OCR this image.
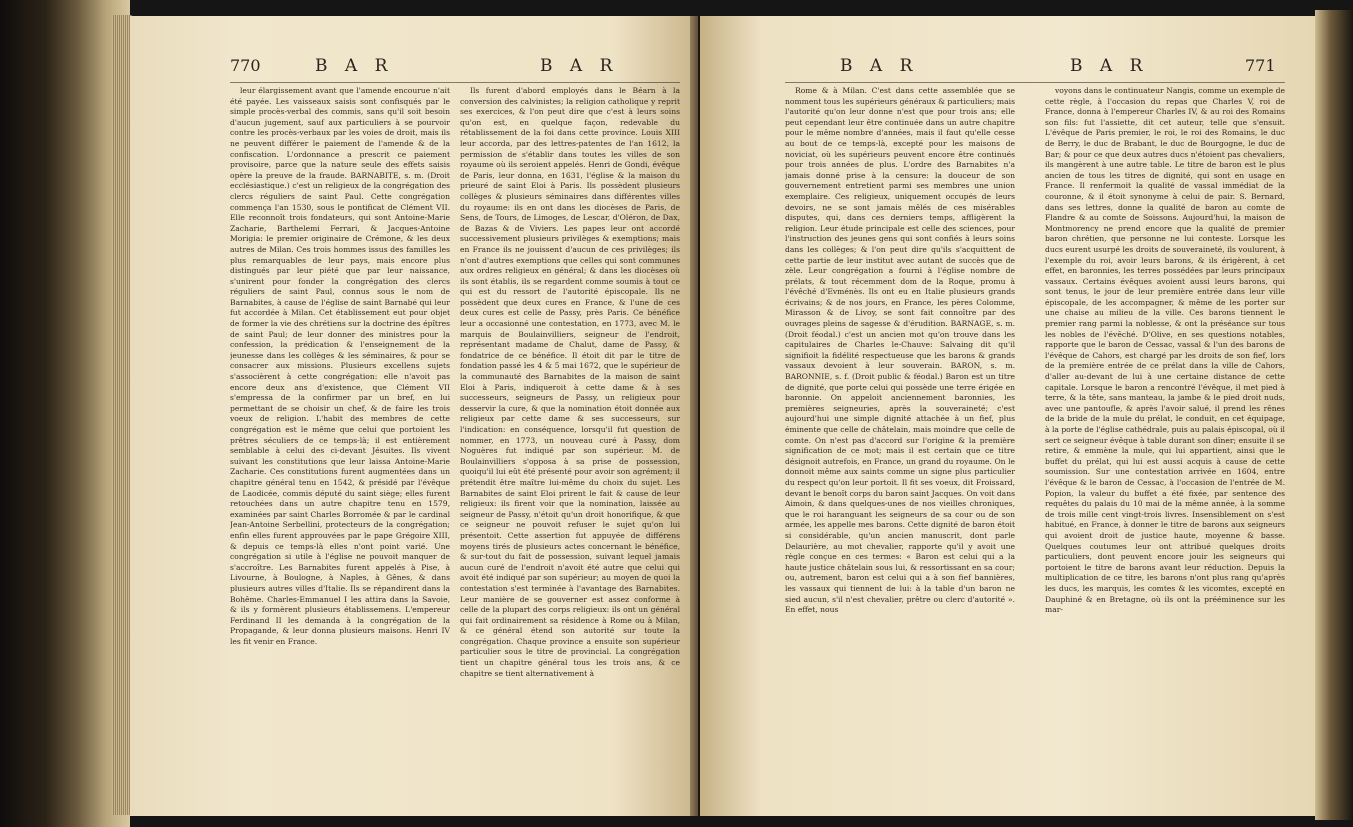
770	B A R	B A R

leur élargissement avant que l'amende encourue n'ait été payée. Les vaisseaux saisis sont confisqués par le simple procès-verbal des commis, sans qu'il soit besoin d'aucun jugement, sauf aux particuliers à se pourvoir contre les procès-verbaux par les voies de droit, mais ils ne peuvent différer le paiement de l'amende & de la confiscation. L'ordonnance a prescrit ce paiement provisoire, parce que la nature seule des effets saisis opère la preuve de la fraude. BARNABITE, s. m. (Droit ecclésiastique.) c'est un religieux de la congrégation des clercs réguliers de saint Paul. Cette congrégation commença l'an 1530, sous le pontificat de Clément VII. Elle reconnoît trois fondateurs, qui sont Antoine-Marie Zacharie, Barthelemi Ferrari, & Jacques-Antoine Morigia: le premier originaire de Crémone, & les deux autres de Milan. Ces trois hommes issus des familles les plus remarquables de leur pays, mais encore plus distingués par leur piété que par leur naissance, s'unirent pour fonder la congrégation des clercs réguliers de saint Paul, connus sous le nom de Barnabites, à cause de l'église de saint Barnabé qui leur fut accordée à Milan. Cet établissement eut pour objet de former la vie des chrétiens sur la doctrine des épîtres de saint Paul; de leur donner des ministres pour la confession, la prédication & l'enseignement de la jeunesse dans les collèges & les séminaires, & pour se consacrer aux missions. Plusieurs excellens sujets s'associèrent à cette congrégation: elle n'avoit pas encore deux ans d'existence, que Clément VII s'empressa de la confirmer par un bref, en lui permettant de se choisir un chef, & de faire les trois voeux de religion. L'habit des membres de cette congrégation est le même que celui que portoient les prêtres séculiers de ce temps-là; il est entièrement semblable à celui des ci-devant Jésuites. Ils vivent suivant les constitutions que leur laissa Antoine-Marie Zacharie. Ces constitutions furent augmentées dans un chapitre général tenu en 1542, & présidé par l'évêque de Laodicée, commis député du saint siège; elles furent retouchées dans un autre chapitre tenu en 1579, examinées par saint Charles Borromée & par le cardinal Jean-Antoine Serbellini, protecteurs de la congrégation; enfin elles furent approuvées par le pape Grégoire XIII, & depuis ce temps-là elles n'ont point varié. Une congrégation si utile à l'église ne pouvoit manquer de s'accroître. Les Barnabites furent appelés à Pise, à Livourne, à Boulogne, à Naples, à Gênes, & dans plusieurs autres villes d'Italie. Ils se répandirent dans la Bohême. Charles-Emmanuel I les attira dans la Savoie, & ils y formèrent plusieurs établissemens. L'empereur Ferdinand II les demanda à la congrégation de la Propagande, & leur donna plusieurs maisons. Henri IV les fit venir en France.

Ils furent d'abord employés dans le Béarn à la conversion des calvinistes; la religion catholique y reprit ses exercices, & l'on peut dire que c'est à leurs soins qu'on est, en quelque façon, redevable du rétablissement de la foi dans cette province. Louis XIII leur accorda, par des lettres-patentes de l'an 1612, la permission de s'établir dans toutes les villes de son royaume où ils seroient appelés. Henri de Gondi, évêque de Paris, leur donna, en 1631, l'église & la maison du prieuré de saint Eloi à Paris. Ils possèdent plusieurs collèges & plusieurs séminaires dans différentes villes du royaume: ils en ont dans les diocèses de Paris, de Sens, de Tours, de Limoges, de Lescar, d'Oléron, de Dax, de Bazas & de Viviers. Les papes leur ont accordé successivement plusieurs privilèges & exemptions; mais en France ils ne jouissent d'aucun de ces privilèges; ils n'ont d'autres exemptions que celles qui sont communes aux ordres religieux en général; & dans les diocèses où ils sont établis, ils se regardent comme soumis à tout ce qui est du ressort de l'autorité épiscopale. Ils ne possèdent que deux cures en France, & l'une de ces deux cures est celle de Passy, près Paris. Ce bénéfice leur a occasionné une contestation, en 1773, avec M. le marquis de Boulainvilliers, seigneur de l'endroit, représentant madame de Chalut, dame de Passy, & fondatrice de ce bénéfice. Il étoit dit par le titre de fondation passé les 4 & 5 mai 1672, que le supérieur de la communauté des Barnabites de la maison de saint Eloi à Paris, indiqueroit à cette dame & à ses successeurs, seigneurs de Passy, un religieux pour desservir la cure, & que la nomination étoit donnée aux religieux par cette dame & ses successeurs, sur l'indication: en conséquence, lorsqu'il fut question de nommer, en 1773, un nouveau curé à Passy, dom Noguères fut indiqué par son supérieur. M. de Boulainvilliers s'opposa à sa prise de possession, quoiqu'il lui eût été présenté pour avoir son agrément; il prétendit être maître lui-même du choix du sujet. Les Barnabites de saint Eloi prirent le fait & cause de leur religieux: ils firent voir que la nomination, laissée au seigneur de Passy, n'étoit qu'un droit honorifique, & que ce seigneur ne pouvoit refuser le sujet qu'on lui présentoit. Cette assertion fut appuyée de différens moyens tirés de plusieurs actes concernant le bénéfice, & sur-tout du fait de possession, suivant lequel jamais aucun curé de l'endroit n'avoit été autre que celui qui avoit été indiqué par son supérieur; au moyen de quoi la contestation s'est terminée à l'avantage des Barnabites. Leur manière de se gouverner est assez conforme à celle de la plupart des corps religieux: ils ont un général qui fait ordinairement sa résidence à Rome ou à Milan, & ce général étend son autorité sur toute la congrégation. Chaque province a ensuite son supérieur particulier sous le titre de provincial. La congrégation tient un chapitre général tous les trois ans, & ce chapitre se tient alternativement à

B A R	B A R	771

Rome & à Milan. C'est dans cette assemblée que se nomment tous les supérieurs généraux & particuliers; mais l'autorité qu'on leur donne n'est que pour trois ans; elle peut cependant leur être continuée dans un autre chapitre pour le même nombre d'années, mais il faut qu'elle cesse au bout de ce temps-là, excepté pour les maisons de noviciat, où les supérieurs peuvent encore être continués pour trois années de plus. L'ordre des Barnabites n'a jamais donné prise à la censure: la douceur de son gouvernement entretient parmi ses membres une union exemplaire. Ces religieux, uniquement occupés de leurs devoirs, ne se sont jamais mêlés de ces misérables disputes, qui, dans ces derniers temps, affligèrent la religion. Leur étude principale est celle des sciences, pour l'instruction des jeunes gens qui sont confiés à leurs soins dans les collèges; & l'on peut dire qu'ils s'acquittent de cette partie de leur institut avec autant de succès que de zèle. Leur congrégation a fourni à l'église nombre de prélats, & tout récemment dom de la Roque, promu à l'évêché d'Evménès. Ils ont eu en Italie plusieurs grands écrivains; & de nos jours, en France, les pères Colomme, Mirasson & de Livoy, se sont fait connoître par des ouvrages pleins de sagesse & d'érudition. BARNAGE, s. m. (Droit féodal.) c'est un ancien mot qu'on trouve dans les capitulaires de Charles le-Chauve: Salvaing dit qu'il signifioit la fidélité respectueuse que les barons & grands vassaux devoient à leur souverain. BARON, s. m. BARONNIE, s. f. (Droit public & féodal.) Baron est un titre de dignité, que porte celui qui possède une terre érigée en baronnie. On appeloit anciennement baronnies, les premières seigneuries, après la souveraineté; c'est aujourd'hui une simple dignité attachée à un fief, plus éminente que celle de châtelain, mais moindre que celle de comte. On n'est pas d'accord sur l'origine & la première signification de ce mot; mais il est certain que ce titre désignoit autrefois, en France, un grand du royaume. On le donnoit même aux saints comme un signe plus particulier du respect qu'on leur portoit. Il fit ses voeux, dit Froissard, devant le benoît corps du baron saint Jacques. On voit dans Aimoin, & dans quelques-unes de nos vieilles chroniques, que le roi haranguant les seigneurs de sa cour ou de son armée, les appelle mes barons. Cette dignité de baron étoit si considérable, qu'un ancien manuscrit, dont parle Delaurière, au mot chevalier, rapporte qu'il y avoit une règle conçue en ces termes: « Baron est celui qui a la haute justice châtelain sous lui, & ressortissant en sa cour; ou, autrement, baron est celui qui a à son fief bannières, les vassaux qui tiennent de lui: à la table d'un baron ne sied aucun, s'il n'est chevalier, prêtre ou clerc d'autorité ». En effet, nous

voyons dans le continuateur Nangis, comme un exemple de cette règle, à l'occasion du repas que Charles V, roi de France, donna à l'empereur Charles IV, & au roi des Romains son fils: fut l'assiette, dit cet auteur, telle que s'ensuit. L'évêque de Paris premier, le roi, le roi des Romains, le duc de Berry, le duc de Brabant, le duc de Bourgogne, le duc de Bar; & pour ce que deux autres ducs n'étoient pas chevaliers, ils mangèrent à une autre table. Le titre de baron est le plus ancien de tous les titres de dignité, qui sont en usage en France. Il renfermoit la qualité de vassal immédiat de la couronne, & il étoit synonyme à celui de pair. S. Bernard, dans ses lettres, donne la qualité de baron au comte de Flandre & au comte de Soissons. Aujourd'hui, la maison de Montmorency ne prend encore que la qualité de premier baron chrétien, que personne ne lui conteste. Lorsque les ducs eurent usurpé les droits de souveraineté, ils voulurent, à l'exemple du roi, avoir leurs barons, & ils érigèrent, à cet effet, en baronnies, les terres possédées par leurs principaux vassaux. Certains évêques avoient aussi leurs barons, qui sont tenus, le jour de leur première entrée dans leur ville épiscopale, de les accompagner, & même de les porter sur une chaise au milieu de la ville. Ces barons tiennent le premier rang parmi la noblesse, & ont la préséance sur tous les nobles de l'évêché. D'Olive, en ses questions notables, rapporte que le baron de Cessac, vassal & l'un des barons de l'évêque de Cahors, est chargé par les droits de son fief, lors de la première entrée de ce prélat dans la ville de Cahors, d'aller au-devant de lui à une certaine distance de cette capitale. Lorsque le baron a rencontré l'évêque, il met pied à terre, & la tête, sans manteau, la jambe & le pied droit nuds, avec une pantoufle, & après l'avoir salué, il prend les rênes de la bride de la mule du prélat, le conduit, en cet équipage, à la porte de l'église cathédrale, puis au palais épiscopal, où il sert ce seigneur évêque à table durant son dîner; ensuite il se retire, & emmène la mule, qui lui appartient, ainsi que le buffet du prélat, qui lui est aussi acquis à cause de cette soumission. Sur une contestation arrivée en 1604, entre l'évêque & le baron de Cessac, à l'occasion de l'entrée de M. Popion, la valeur du buffet a été fixée, par sentence des requêtes du palais du 10 mai de la même année, à la somme de trois mille cent vingt-trois livres. Insensiblement on s'est habitué, en France, à donner le titre de barons aux seigneurs qui avoient droit de justice haute, moyenne & basse. Quelques coutumes leur ont attribué quelques droits particuliers, dont peuvent encore jouir les seigneurs qui portoient le titre de barons avant leur réduction. Depuis la multiplication de ce titre, les barons n'ont plus rang qu'après les ducs, les marquis, les comtes & les vicomtes, excepté en Dauphiné & en Bretagne, où ils ont la prééminence sur les mar-
